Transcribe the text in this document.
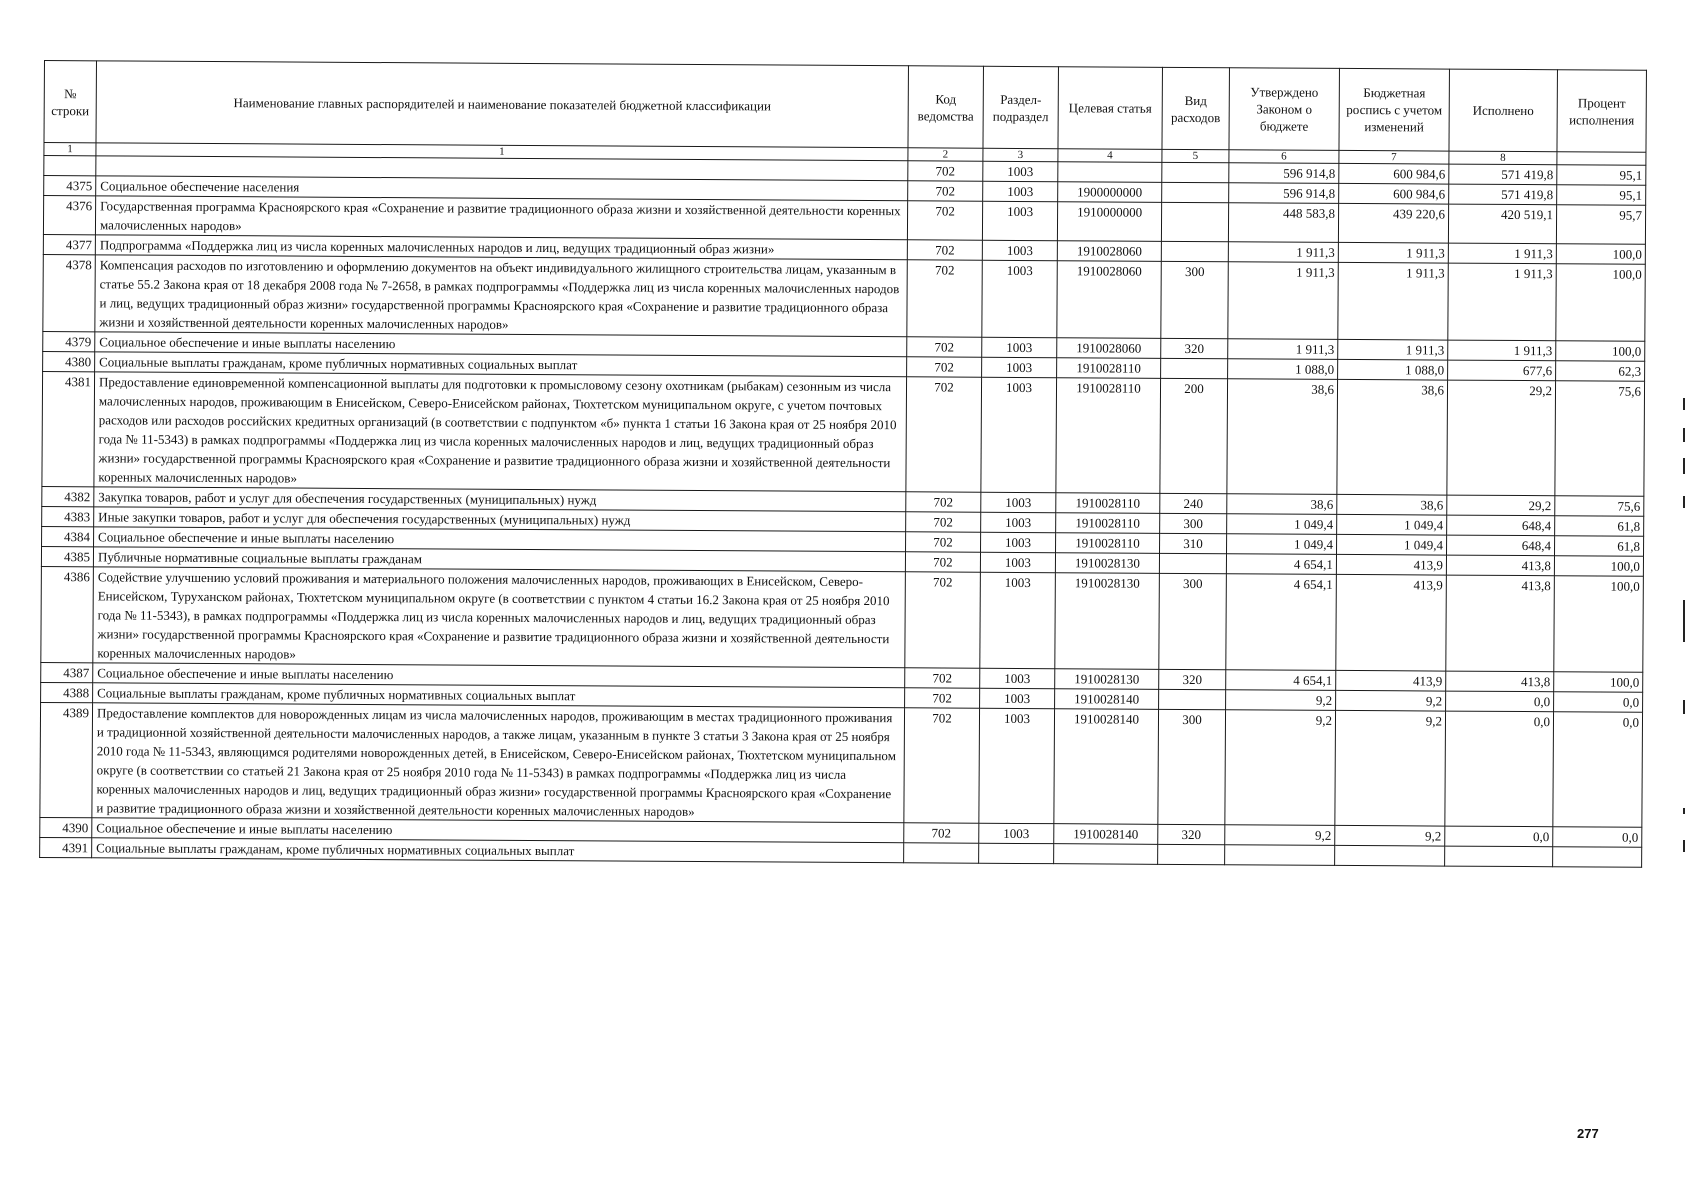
№ строки	Наименование главных распорядителей и наименование показателей бюджетной классификации	Код ведомства	Раздел-подраздел	Целевая статья	Вид расходов	Утверждено Законом о бюджете	Бюджетная роспись с учетом изменений	Исполнено	Процент исполнения
1	1	2	3	4	5	6	7	8	
		702	1003			596 914,8	600 984,6	571 419,8	95,1
4375	Социальное обеспечение населения	702	1003	1900000000		596 914,8	600 984,6	571 419,8	95,1
4376	Государственная программа Красноярского края «Сохранение и развитие традиционного образа жизни и хозяйственной деятельности коренных малочисленных народов»	702	1003	1910000000		448 583,8	439 220,6	420 519,1	95,7
4377	Подпрограмма «Поддержка лиц из числа коренных малочисленных народов и лиц, ведущих традиционный образ жизни»	702	1003	1910028060		1 911,3	1 911,3	1 911,3	100,0
4378	Компенсация расходов по изготовлению и оформлению документов на объект индивидуального жилищного строительства лицам, указанным в статье 55.2 Закона края от 18 декабря 2008 года № 7-2658, в рамках подпрограммы «Поддержка лиц из числа коренных малочисленных народов и лиц, ведущих традиционный образ жизни» государственной программы Красноярского края «Сохранение и развитие традиционного образа жизни и хозяйственной деятельности коренных малочисленных народов»	702	1003	1910028060	300	1 911,3	1 911,3	1 911,3	100,0
4379	Социальное обеспечение и иные выплаты населению	702	1003	1910028060	320	1 911,3	1 911,3	1 911,3	100,0
4380	Социальные выплаты гражданам, кроме публичных нормативных социальных выплат	702	1003	1910028110		1 088,0	1 088,0	677,6	62,3
4381	Предоставление единовременной компенсационной выплаты для подготовки к промысловому сезону охотникам (рыбакам) сезонным из числа малочисленных народов, проживающим в Енисейском, Северо-Енисейском районах, Тюхтетском муниципальном округе, с учетом почтовых расходов или расходов российских кредитных организаций (в соответствии с подпунктом «б» пункта 1 статьи 16 Закона края от 25 ноября 2010 года № 11-5343) в рамках подпрограммы «Поддержка лиц из числа коренных малочисленных народов и лиц, ведущих традиционный образ жизни» государственной программы Красноярского края «Сохранение и развитие традиционного образа жизни и хозяйственной деятельности коренных малочисленных народов»	702	1003	1910028110	200	38,6	38,6	29,2	75,6
4382	Закупка товаров, работ и услуг для обеспечения государственных (муниципальных) нужд	702	1003	1910028110	240	38,6	38,6	29,2	75,6
4383	Иные закупки товаров, работ и услуг для обеспечения государственных (муниципальных) нужд	702	1003	1910028110	300	1 049,4	1 049,4	648,4	61,8
4384	Социальное обеспечение и иные выплаты населению	702	1003	1910028110	310	1 049,4	1 049,4	648,4	61,8
4385	Публичные нормативные социальные выплаты гражданам	702	1003	1910028130		4 654,1	413,9	413,8	100,0
4386	Содействие улучшению условий проживания и материального положения малочисленных народов, проживающих в Енисейском, Северо-Енисейском, Туруханском районах, Тюхтетском муниципальном округе (в соответствии с пунктом 4 статьи 16.2 Закона края от 25 ноября 2010 года № 11-5343), в рамках подпрограммы «Поддержка лиц из числа коренных малочисленных народов и лиц, ведущих традиционный образ жизни» государственной программы Красноярского края «Сохранение и развитие традиционного образа жизни и хозяйственной деятельности коренных малочисленных народов»	702	1003	1910028130	300	4 654,1	413,9	413,8	100,0
4387	Социальное обеспечение и иные выплаты населению	702	1003	1910028130	320	4 654,1	413,9	413,8	100,0
4388	Социальные выплаты гражданам, кроме публичных нормативных социальных выплат	702	1003	1910028140		9,2	9,2	0,0	0,0
4389	Предоставление комплектов для новорожденных лицам из числа малочисленных народов, проживающим в местах традиционного проживания и традиционной хозяйственной деятельности малочисленных народов, а также лицам, указанным в пункте 3 статьи 3 Закона края от 25 ноября 2010 года № 11-5343, являющимся родителями новорожденных детей, в Енисейском, Северо-Енисейском районах, Тюхтетском муниципальном округе (в соответствии со статьей 21 Закона края от 25 ноября 2010 года № 11-5343) в рамках подпрограммы «Поддержка лиц из числа коренных малочисленных народов и лиц, ведущих традиционный образ жизни» государственной программы Красноярского края «Сохранение и развитие традиционного образа жизни и хозяйственной деятельности коренных малочисленных народов»	702	1003	1910028140	300	9,2	9,2	0,0	0,0
4390	Социальное обеспечение и иные выплаты населению	702	1003	1910028140	320	9,2	9,2	0,0	0,0
4391	Социальные выплаты гражданам, кроме публичных нормативных социальных выплат								
277
